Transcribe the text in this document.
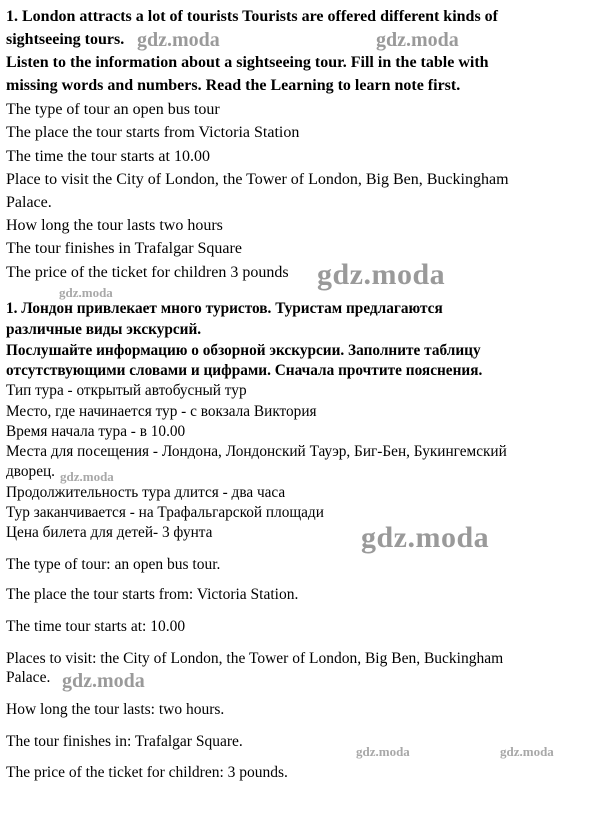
1. London attracts a lot of tourists Tourists are offered different kinds of
sightseeing tours.
Listen to the information about a sightseeing tour. Fill in the table with
missing words and numbers. Read the Learning to learn note first.
The type of tour an open bus tour
The place the tour starts from Victoria Station
The time the tour starts at 10.00
Place to visit the City of London, the Tower of London, Big Ben, Buckingham
Palace.
How long the tour lasts two hours
The tour finishes in Trafalgar Square
The price of the ticket for children 3 pounds
1. Лондон привлекает много туристов. Туристам предлагаются
различные виды экскурсий.
Послушайте информацию о обзорной экскурсии. Заполните таблицу
отсутствующими словами и цифрами. Сначала прочтите пояснения.
Тип тура - открытый автобусный тур
Место, где начинается тур - с вокзала Виктория
Время начала тура - в 10.00
Места для посещения - Лондона, Лондонский Тауэр, Биг-Бен, Букингемский
дворец.
Продолжительность тура длится - два часа
Тур заканчивается - на Трафальгарской площади
Цена билета для детей- 3 фунта
The type of tour: an open bus tour.
The place the tour starts from: Victoria Station.
The time tour starts at: 10.00
Places to visit: the City of London, the Tower of London, Big Ben, Buckingham
Palace.
How long the tour lasts: two hours.
The tour finishes in: Trafalgar Square.
The price of the ticket for children: 3 pounds.
gdz.moda	gdz.moda
gdz.moda
gdz.moda
gdz.moda
gdz.moda
gdz.moda
gdz.moda	gdz.moda
